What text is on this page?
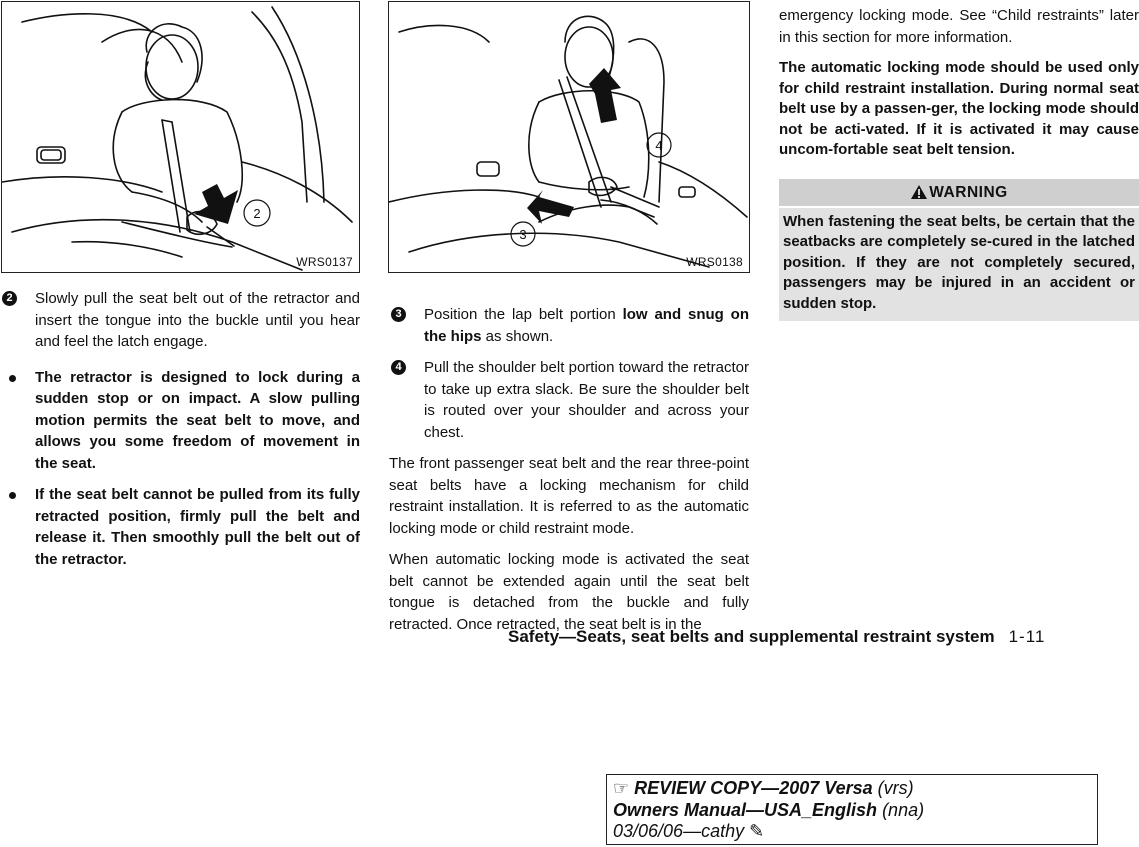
2
WRS0137
4
3
WRS0138
2 Slowly pull the seat belt out of the retractor and insert the tongue into the buckle until you hear and feel the latch engage.
The retractor is designed to lock during a sudden stop or on impact. A slow pulling motion permits the seat belt to move, and allows you some freedom of movement in the seat.
If the seat belt cannot be pulled from its fully retracted position, firmly pull the belt and release it. Then smoothly pull the belt out of the retractor.
3 Position the lap belt portion low and snug on the hips as shown.
4 Pull the shoulder belt portion toward the retractor to take up extra slack. Be sure the shoulder belt is routed over your shoulder and across your chest.

The front passenger seat belt and the rear three-point seat belts have a locking mechanism for child restraint installation. It is referred to as the automatic locking mode or child restraint mode.

When automatic locking mode is activated the seat belt cannot be extended again until the seat belt tongue is detached from the buckle and fully retracted. Once retracted, the seat belt is in the

emergency locking mode. See “Child restraints” later in this section for more information.

The automatic locking mode should be used only for child restraint installation. During normal seat belt use by a passen-ger, the locking mode should not be acti-vated. If it is activated it may cause uncom-fortable seat belt tension.

WARNING
When fastening the seat belts, be certain that the seatbacks are completely se-cured in the latched position. If they are not completely secured, passengers may be injured in an accident or sudden stop.
Safety—Seats, seat belts and supplemental restraint system 1-11
☞ REVIEW COPY—2007 Versa (vrs)
Owners Manual—USA_English (nna)
03/06/06—cathy ✎
